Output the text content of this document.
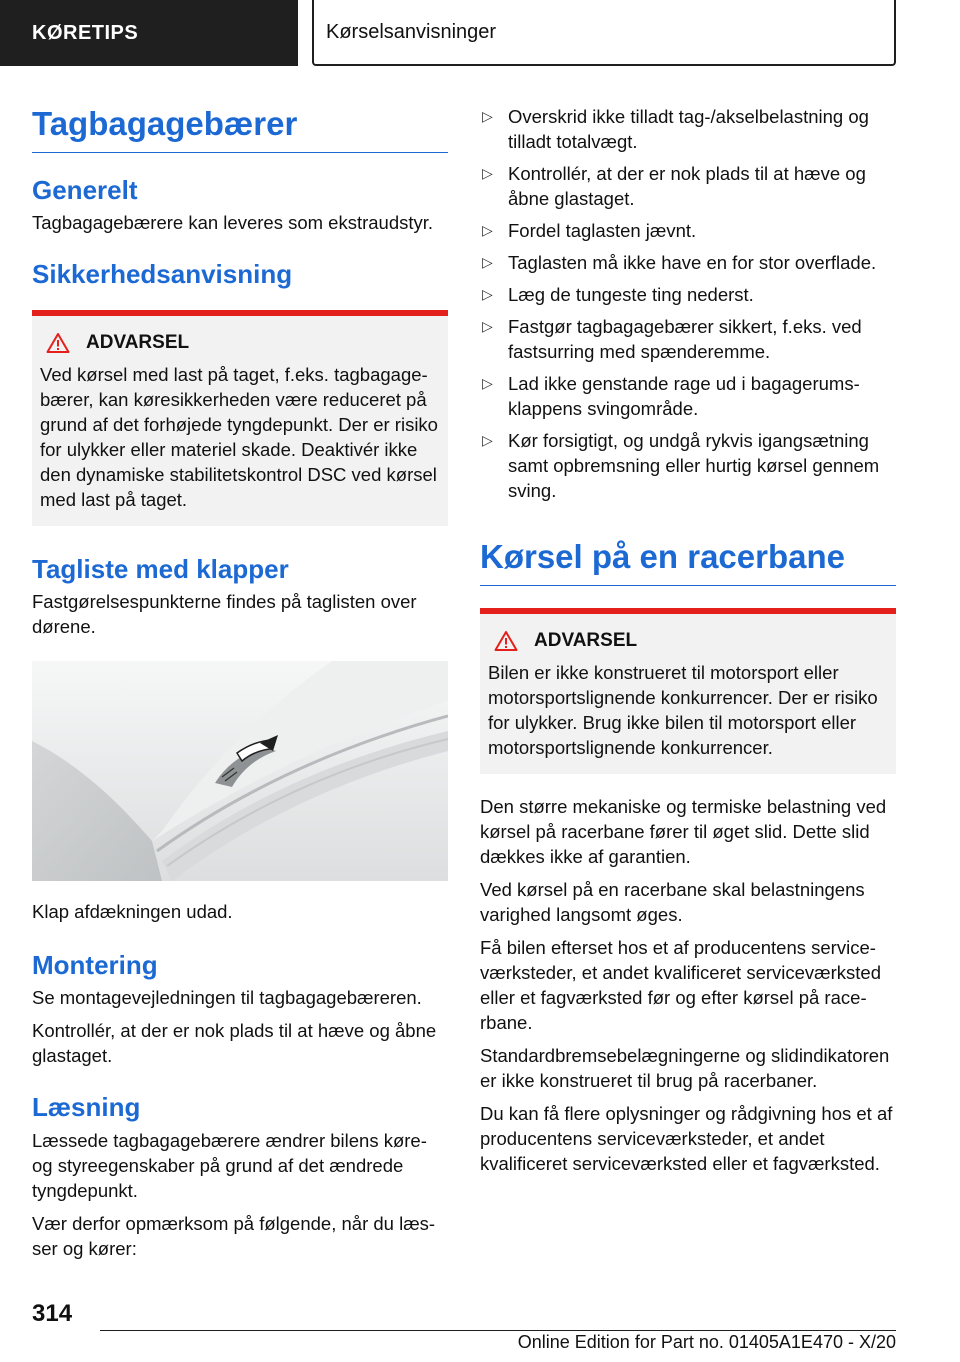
KØRETIPS	Kørselsanvisninger
Tagbagagebærer
Generelt

Tagbagagebærere kan leveres som ekstraudstyr.

Sikkerhedsanvisning
ADVARSEL

Ved kørsel med last på taget, f.eks. tagbagagebærer, kan køresikkerheden være reduceret på grund af det forhøjede tyngdepunkt. Der er risiko for ulykker eller materiel skade. Deaktivér ikke den dynamiske stabilitetskontrol DSC ved kørsel med last på taget.

Tagliste med klapper

Fastgørelsespunkterne findes på taglisten over dørene.

Klap afdækningen udad.

Montering

Se montagevejledningen til tagbagagebæreren.

Kontrollér, at der er nok plads til at hæve og åbne glastaget.

Læsning

Læssede tagbagagebærere ændrer bilens køre- og styreegenskaber på grund af det ændrede tyngdepunkt.

Vær derfor opmærksom på følgende, når du læsser og kører:

▷ Overskrid ikke tilladt tag-/akselbelastning og tilladt totalvægt.
▷ Kontrollér, at der er nok plads til at hæve og åbne glastaget.
▷ Fordel taglasten jævnt.
▷ Taglasten må ikke have en for stor overflade.
▷ Læg de tungeste ting nederst.
▷ Fastgør tagbagagebærer sikkert, f.eks. ved fastsurring med spænderemme.
▷ Lad ikke genstande rage ud i bagagerumsklappens svingområde.
▷ Kør forsigtigt, og undgå rykvis igangsætning samt opbremsning eller hurtig kørsel gennem sving.
Kørsel på en racerbane
ADVARSEL

Bilen er ikke konstrueret til motorsport eller motorsportslignende konkurrencer. Der er risiko for ulykker. Brug ikke bilen til motorsport eller motorsportslignende konkurrencer.

Den større mekaniske og termiske belastning ved kørsel på racerbane fører til øget slid. Dette slid dækkes ikke af garantien.

Ved kørsel på en racerbane skal belastningens varighed langsomt øges.

Få bilen efterset hos et af producentens serviceværksteder, et andet kvalificeret serviceværksted eller et fagværksted før og efter kørsel på racerbane.

Standardbremsebelægningerne og slidindikatoren er ikke konstrueret til brug på racerbaner.

Du kan få flere oplysninger og rådgivning hos et af producentens serviceværksteder, et andet kvalificeret serviceværksted eller et fagværksted.

314
Online Edition for Part no. 01405A1E470 - X/20
